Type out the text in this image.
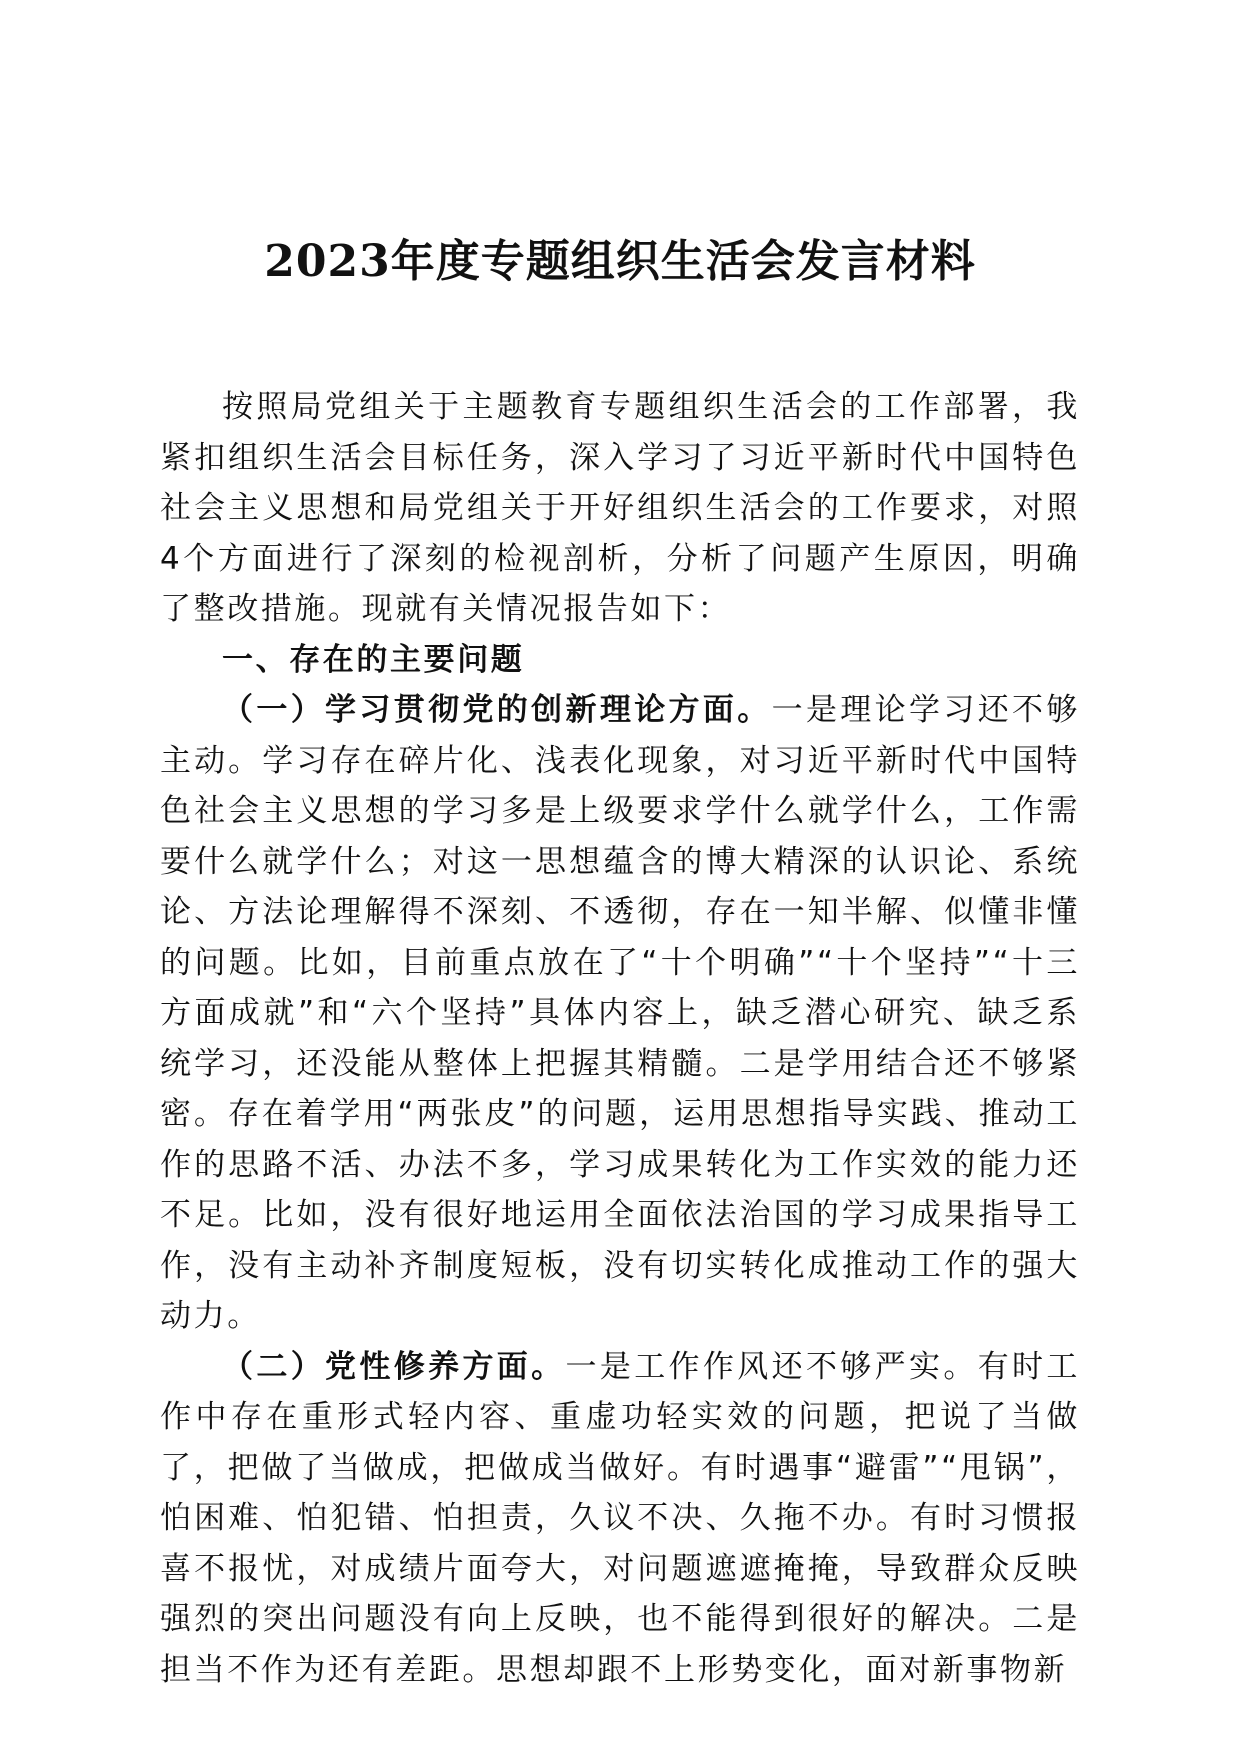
2023年度专题组织生活会发言材料

按照局党组关于主题教育专题组织生活会的工作部署，我紧扣组织生活会目标任务，深入学习了习近平新时代中国特色社会主义思想和局党组关于开好组织生活会的工作要求，对照4个方面进行了深刻的检视剖析，分析了问题产生原因，明确了整改措施。现就有关情况报告如下：

一、存在的主要问题

（一）学习贯彻党的创新理论方面。一是理论学习还不够主动。学习存在碎片化、浅表化现象，对习近平新时代中国特色社会主义思想的学习多是上级要求学什么就学什么，工作需要什么就学什么；对这一思想蕴含的博大精深的认识论、系统论、方法论理解得不深刻、不透彻，存在一知半解、似懂非懂的问题。比如，目前重点放在了“十个明确”“十个坚持”“十三方面成就”和“六个坚持”具体内容上，缺乏潜心研究、缺乏系统学习，还没能从整体上把握其精髓。二是学用结合还不够紧密。存在着学用“两张皮”的问题，运用思想指导实践、推动工作的思路不活、办法不多，学习成果转化为工作实效的能力还不足。比如，没有很好地运用全面依法治国的学习成果指导工作，没有主动补齐制度短板，没有切实转化成推动工作的强大动力。

（二）党性修养方面。一是工作作风还不够严实。有时工作中存在重形式轻内容、重虚功轻实效的问题，把说了当做了，把做了当做成，把做成当做好。有时遇事“避雷”“甩锅”，怕困难、怕犯错、怕担责，久议不决、久拖不办。有时习惯报喜不报忧，对成绩片面夸大，对问题遮遮掩掩，导致群众反映强烈的突出问题没有向上反映，也不能得到很好的解决。二是担当不作为还有差距。思想却跟不上形势变化，面对新事物新
